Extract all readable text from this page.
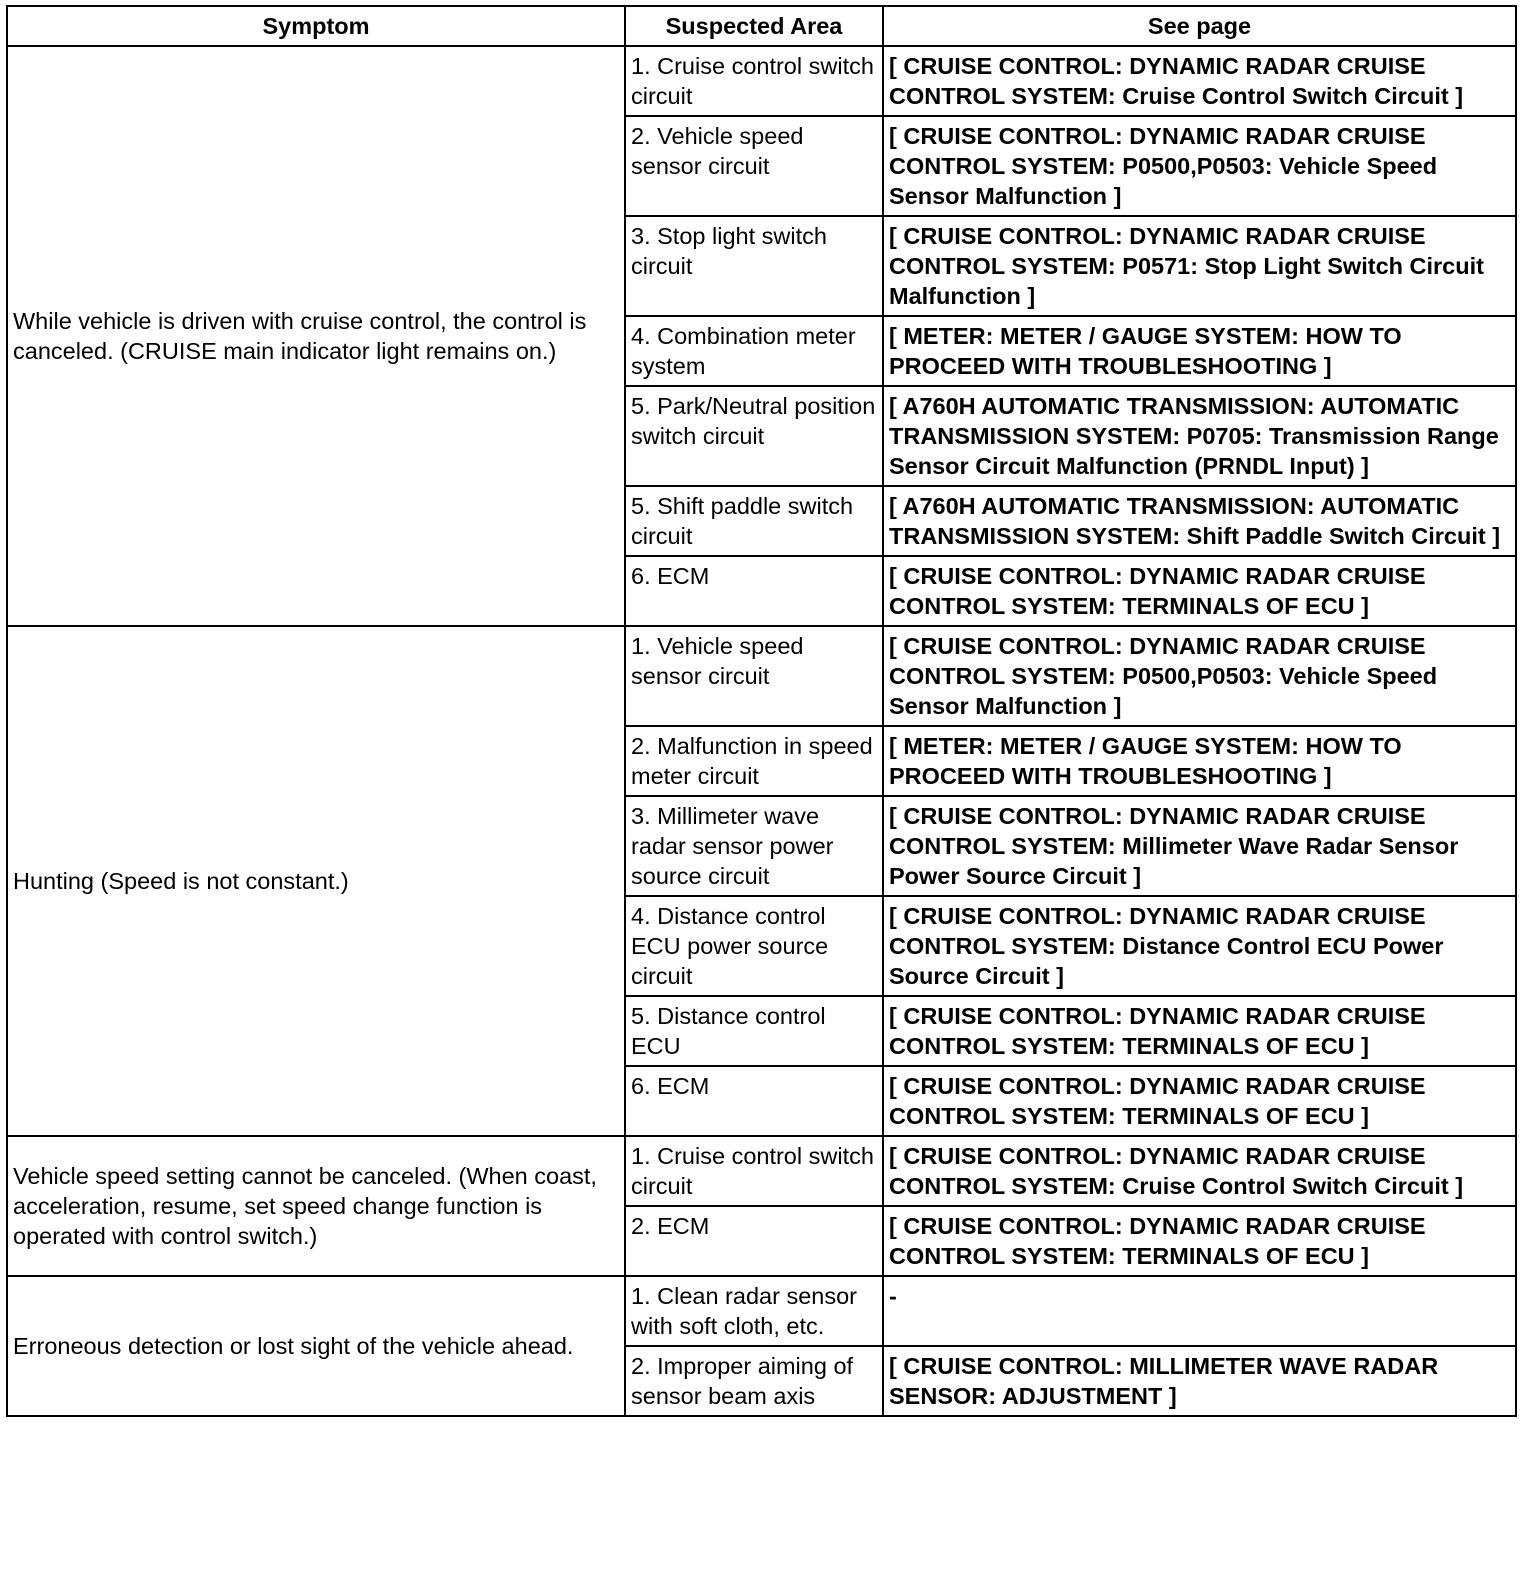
Symptom	Suspected Area	See page
While vehicle is driven with cruise control, the control is canceled. (CRUISE main indicator light remains on.)	1. Cruise control switch circuit	[ CRUISE CONTROL: DYNAMIC RADAR CRUISE CONTROL SYSTEM: Cruise Control Switch Circuit ]
	2. Vehicle speed sensor circuit	[ CRUISE CONTROL: DYNAMIC RADAR CRUISE CONTROL SYSTEM: P0500,P0503: Vehicle Speed Sensor Malfunction ]
	3. Stop light switch circuit	[ CRUISE CONTROL: DYNAMIC RADAR CRUISE CONTROL SYSTEM: P0571: Stop Light Switch Circuit Malfunction ]
	4. Combination meter system	[ METER: METER / GAUGE SYSTEM: HOW TO PROCEED WITH TROUBLESHOOTING ]
	5. Park/Neutral position switch circuit	[ A760H AUTOMATIC TRANSMISSION: AUTOMATIC TRANSMISSION SYSTEM: P0705: Transmission Range Sensor Circuit Malfunction (PRNDL Input) ]
	5. Shift paddle switch circuit	[ A760H AUTOMATIC TRANSMISSION: AUTOMATIC TRANSMISSION SYSTEM: Shift Paddle Switch Circuit ]
	6. ECM	[ CRUISE CONTROL: DYNAMIC RADAR CRUISE CONTROL SYSTEM: TERMINALS OF ECU ]
Hunting (Speed is not constant.)	1. Vehicle speed sensor circuit	[ CRUISE CONTROL: DYNAMIC RADAR CRUISE CONTROL SYSTEM: P0500,P0503: Vehicle Speed Sensor Malfunction ]
	2. Malfunction in speed meter circuit	[ METER: METER / GAUGE SYSTEM: HOW TO PROCEED WITH TROUBLESHOOTING ]
	3. Millimeter wave radar sensor power source circuit	[ CRUISE CONTROL: DYNAMIC RADAR CRUISE CONTROL SYSTEM: Millimeter Wave Radar Sensor Power Source Circuit ]
	4. Distance control ECU power source circuit	[ CRUISE CONTROL: DYNAMIC RADAR CRUISE CONTROL SYSTEM: Distance Control ECU Power Source Circuit ]
	5. Distance control ECU	[ CRUISE CONTROL: DYNAMIC RADAR CRUISE CONTROL SYSTEM: TERMINALS OF ECU ]
	6. ECM	[ CRUISE CONTROL: DYNAMIC RADAR CRUISE CONTROL SYSTEM: TERMINALS OF ECU ]
Vehicle speed setting cannot be canceled. (When coast, acceleration, resume, set speed change function is operated with control switch.)	1. Cruise control switch circuit	[ CRUISE CONTROL: DYNAMIC RADAR CRUISE CONTROL SYSTEM: Cruise Control Switch Circuit ]
	2. ECM	[ CRUISE CONTROL: DYNAMIC RADAR CRUISE CONTROL SYSTEM: TERMINALS OF ECU ]
Erroneous detection or lost sight of the vehicle ahead.	1. Clean radar sensor with soft cloth, etc.	-
	2. Improper aiming of sensor beam axis	[ CRUISE CONTROL: MILLIMETER WAVE RADAR SENSOR: ADJUSTMENT ]
